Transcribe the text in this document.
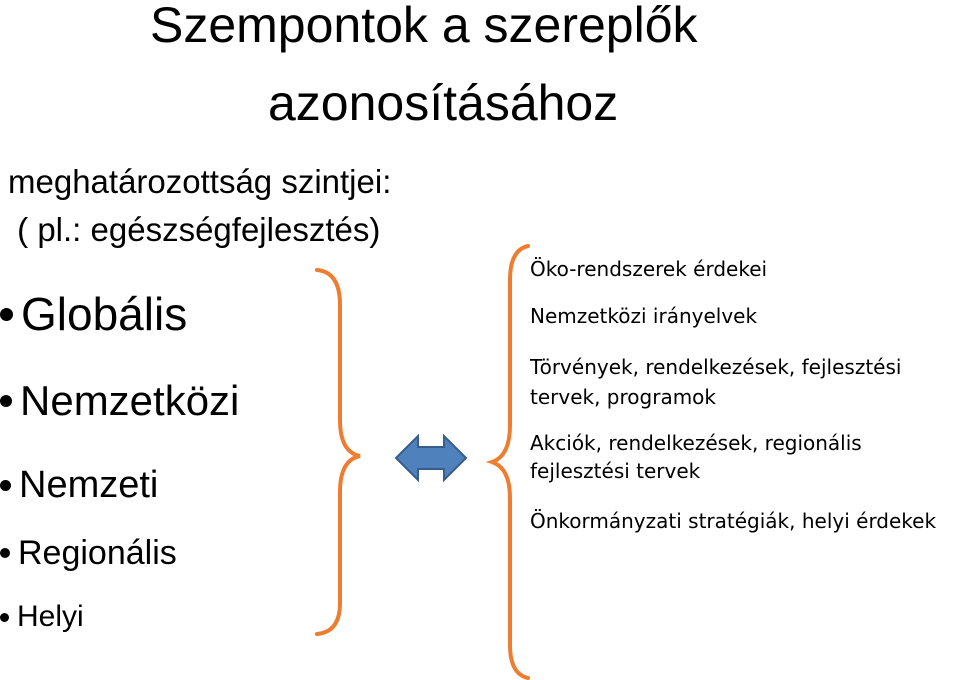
Szempontok a szereplők
azonosításához
meghatározottság szintjei:
( pl.: egészségfejlesztés)
Globális
Nemzetközi
Nemzeti
Regionális
Helyi
Öko-rendszerek érdekei
Nemzetközi irányelvek
Törvények, rendelkezések, fejlesztési
tervek, programok
Akciók, rendelkezések, regionális
fejlesztési tervek
Önkormányzati stratégiák, helyi érdekek
